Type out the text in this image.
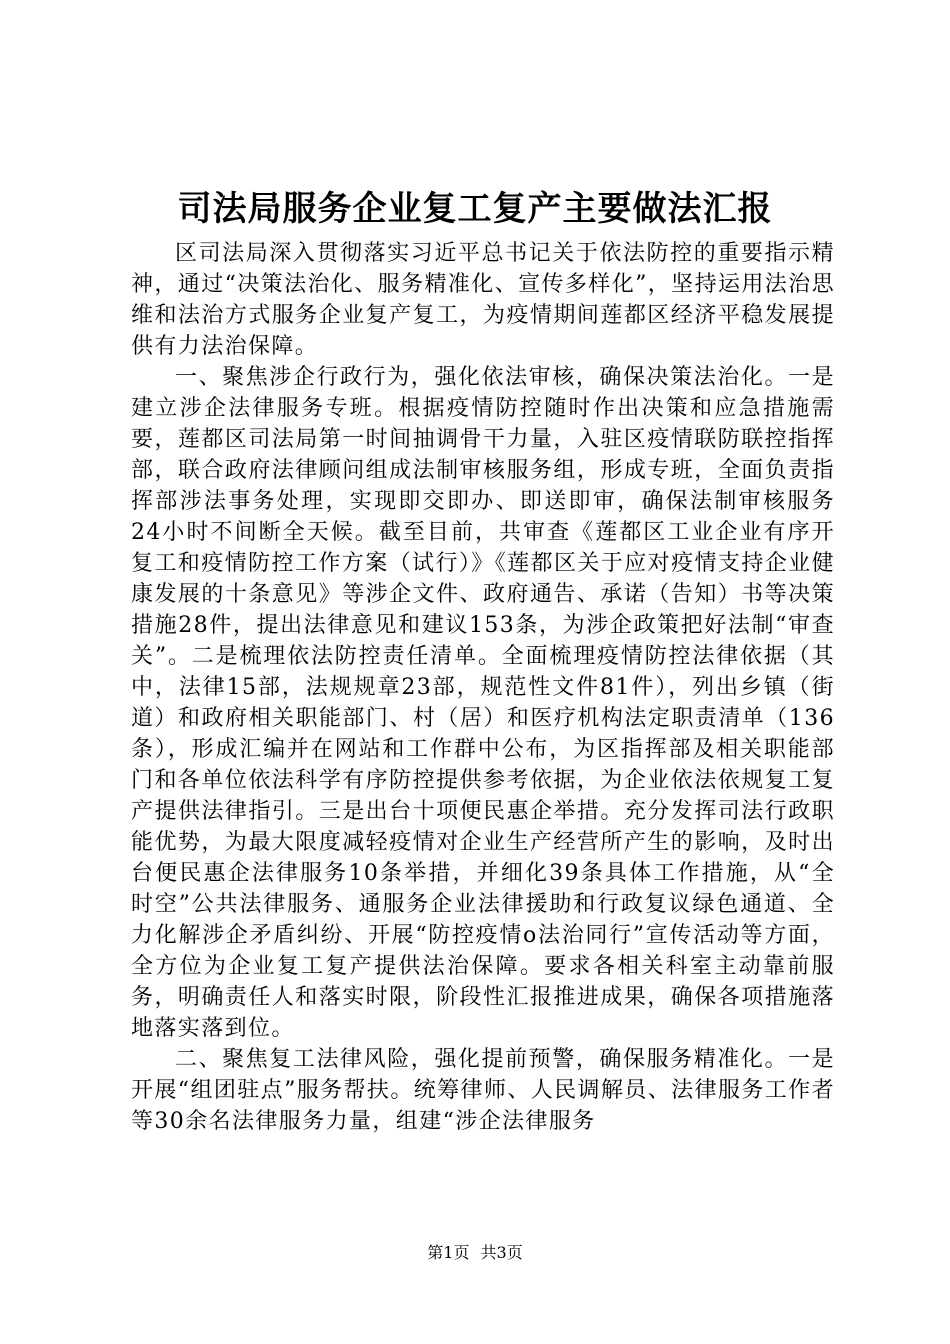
司法局服务企业复工复产主要做法汇报

区司法局深入贯彻落实习近平总书记关于依法防控的重要指示精神，通过“决策法治化、服务精准化、宣传多样化”，坚持运用法治思维和法治方式服务企业复产复工，为疫情期间莲都区经济平稳发展提供有力法治保障。

一、聚焦涉企行政行为，强化依法审核，确保决策法治化。一是建立涉企法律服务专班。根据疫情防控随时作出决策和应急措施需要，莲都区司法局第一时间抽调骨干力量，入驻区疫情联防联控指挥部，联合政府法律顾问组成法制审核服务组，形成专班，全面负责指挥部涉法事务处理，实现即交即办、即送即审，确保法制审核服务24小时不间断全天候。截至目前，共审查《莲都区工业企业有序开复工和疫情防控工作方案（试行）》《莲都区关于应对疫情支持企业健康发展的十条意见》等涉企文件、政府通告、承诺（告知）书等决策措施28件，提出法律意见和建议153条，为涉企政策把好法制“审查关”。二是梳理依法防控责任清单。全面梳理疫情防控法律依据（其中，法律15部，法规规章23部，规范性文件81件），列出乡镇（街道）和政府相关职能部门、村（居）和医疗机构法定职责清单（136条），形成汇编并在网站和工作群中公布，为区指挥部及相关职能部门和各单位依法科学有序防控提供参考依据，为企业依法依规复工复产提供法律指引。三是出台十项便民惠企举措。充分发挥司法行政职能优势，为最大限度减轻疫情对企业生产经营所产生的影响，及时出台便民惠企法律服务10条举措，并细化39条具体工作措施，从“全时空”公共法律服务、通服务企业法律援助和行政复议绿色通道、全力化解涉企矛盾纠纷、开展“防控疫情o法治同行”宣传活动等方面，全方位为企业复工复产提供法治保障。要求各相关科室主动靠前服务，明确责任人和落实时限，阶段性汇报推进成果，确保各项措施落地落实落到位。

二、聚焦复工法律风险，强化提前预警，确保服务精准化。一是开展“组团驻点”服务帮扶。统筹律师、人民调解员、法律服务工作者等30余名法律服务力量，组建“涉企法律服务

第1页 共3页
